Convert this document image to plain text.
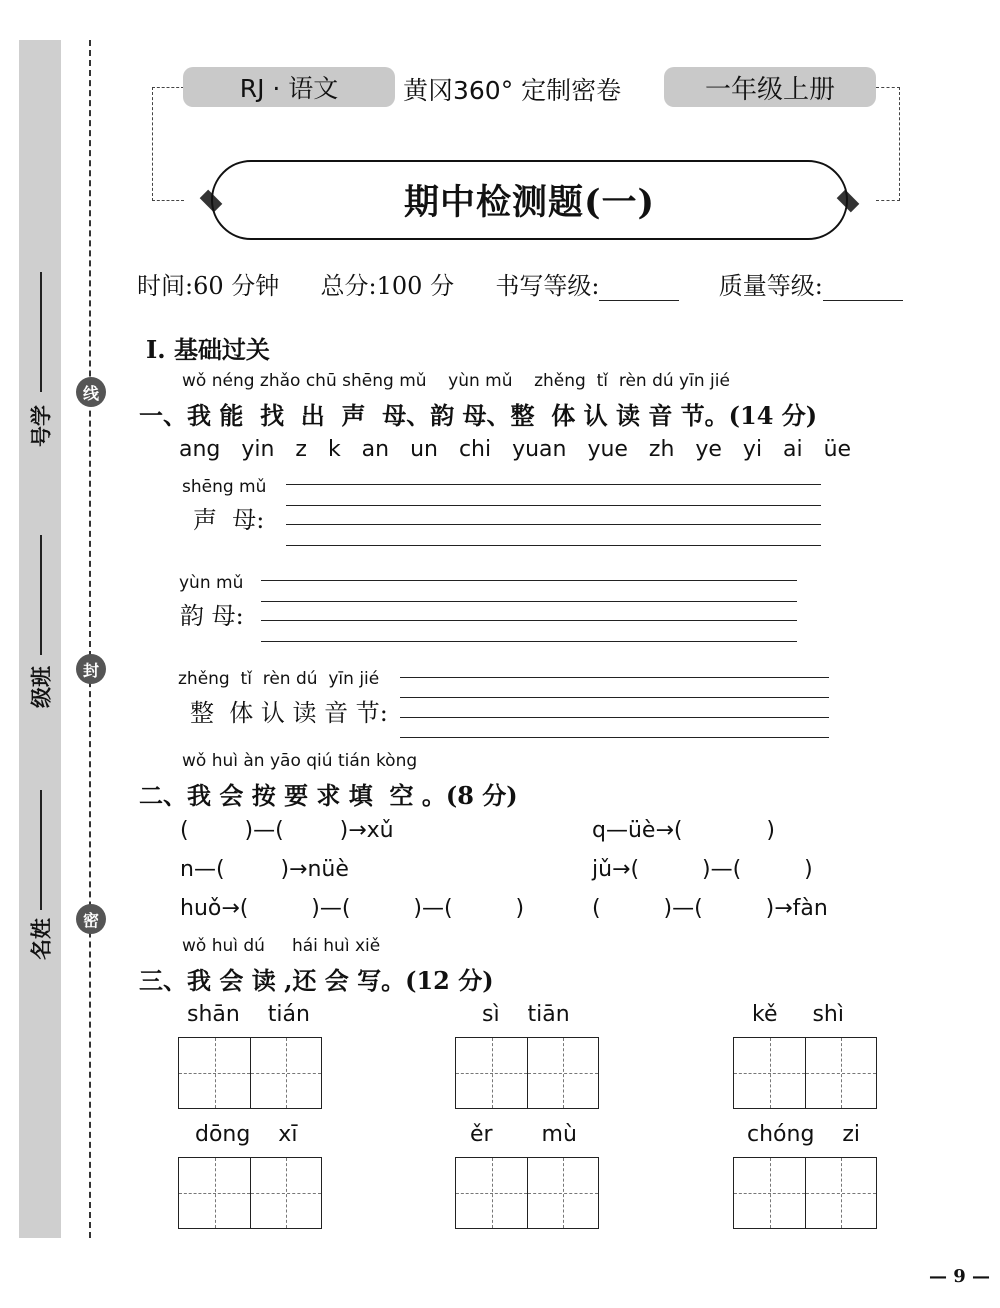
学
号
班
级
姓
名
线
封
密
RJ · 语文	黄冈360° 定制密卷	一年级上册
期中检测题(一)
时间:60 分钟 总分:100 分 书写等级:	质量等级:
I. 基础过关
wǒ néng zhǎo chū shēng mǔ    yùn mǔ    zhěng  tǐ  rèn dú yīn jié
一、我 能  找  出  声  母、韵 母、整  体 认 读 音 节。(14 分)
ang   yin   z   k   an   un   chi   yuan   yue   zh   ye   yi   ai   üe
shēng mǔ
声  母:
yùn mǔ
韵 母:
zhěng  tǐ  rèn dú  yīn jié
整  体 认 读 音 节:
wǒ huì àn yāo qiú tián kòng
二、我 会 按 要 求 填  空 。(8 分)
(        )—(        )→xǔ	q—üè→(            )
n—(        )→nüè	jǔ→(         )—(         )
huǒ→(         )—(         )—(         )	(         )—(         )→fàn
wǒ huì dú     hái huì xiě
三、我 会 读 ,还 会 写。(12 分)
shān    tián	sì    tiān	kě     shì
dōng    xī	ěr       mù	chóng    zi
— 9 —
